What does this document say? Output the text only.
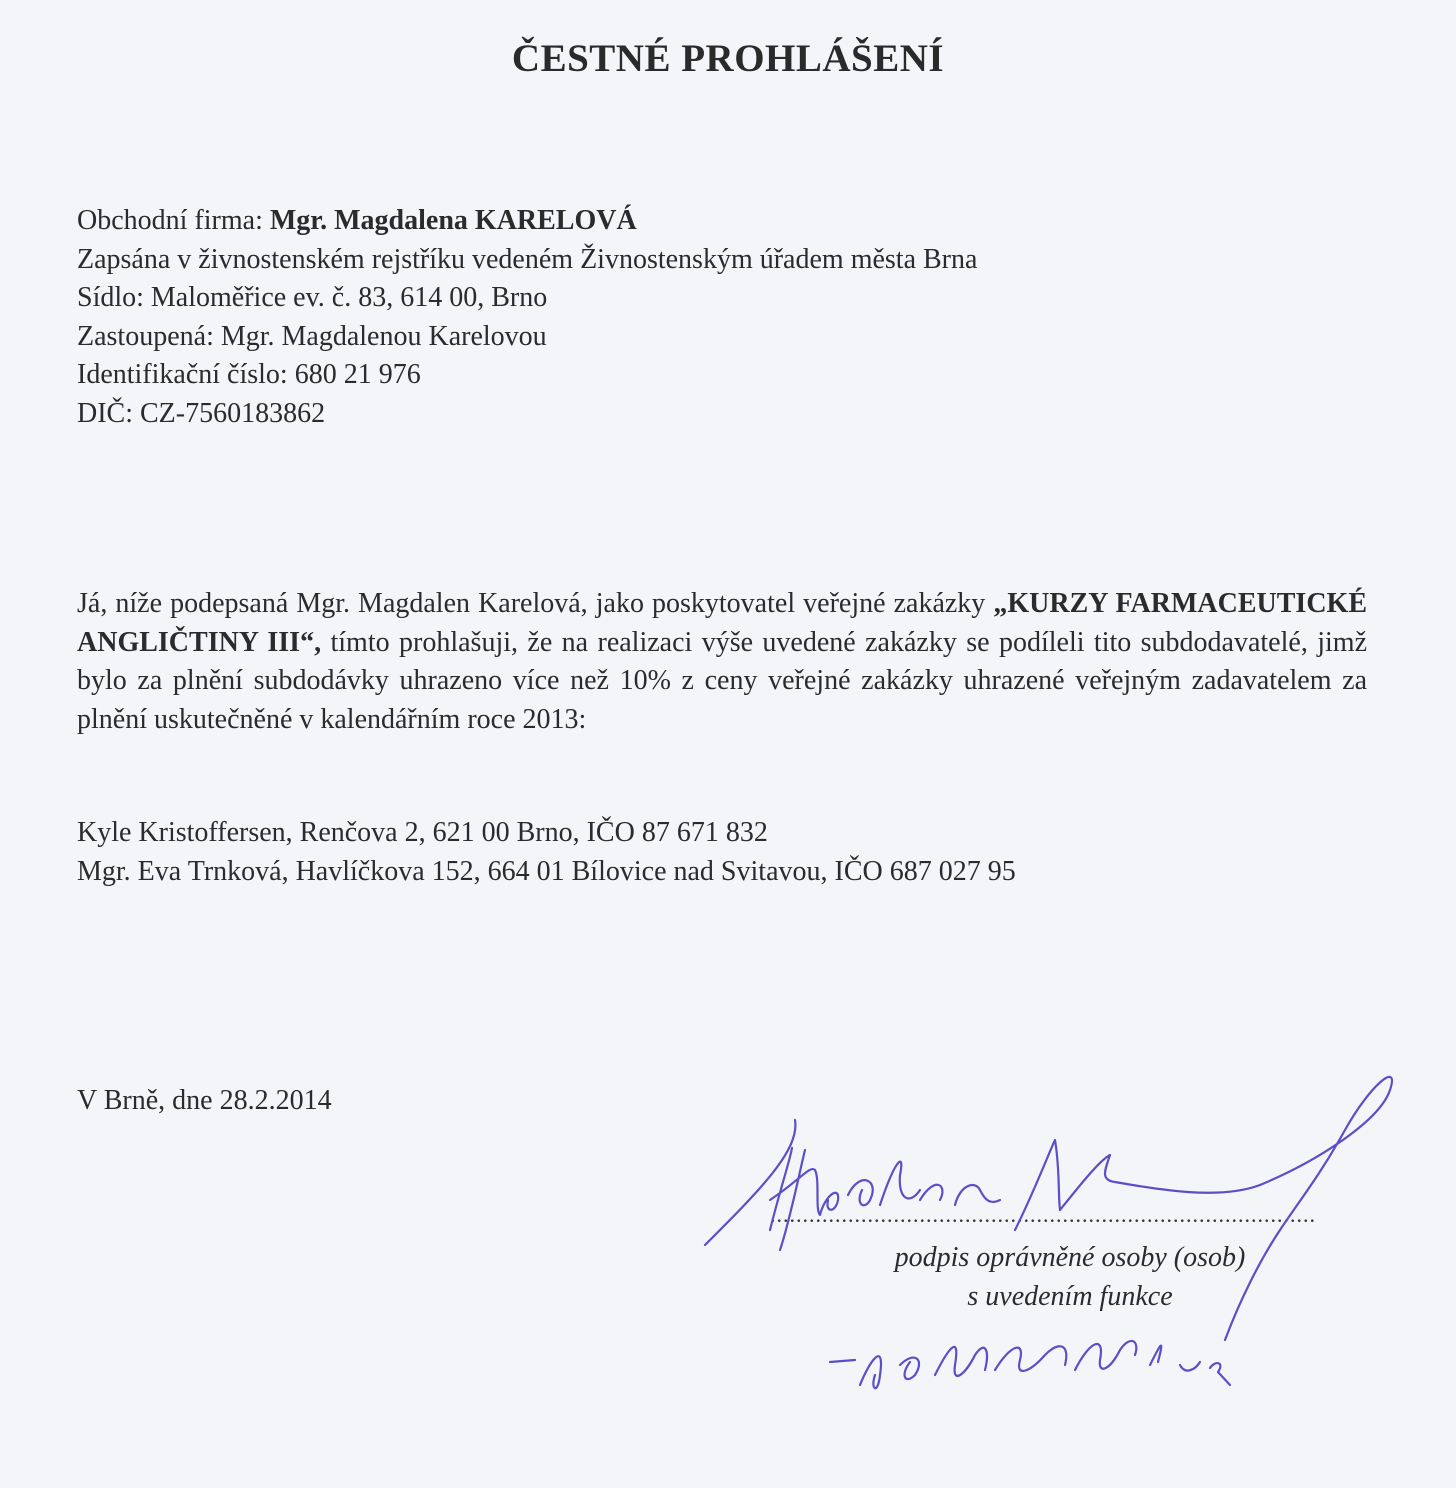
ČESTNÉ PROHLÁŠENÍ
Obchodní firma: Mgr. Magdalena KARELOVÁ
Zapsána v živnostenském rejstříku vedeném Živnostenským úřadem města Brna
Sídlo: Maloměřice ev. č. 83, 614 00, Brno
Zastoupená: Mgr. Magdalenou Karelovou
Identifikační číslo: 680 21 976
DIČ: CZ-7560183862
Já, níže podepsaná Mgr. Magdalen Karelová, jako poskytovatel veřejné zakázky „KURZY FARMACEUTICKÉ ANGLIČTINY III“, tímto prohlašuji, že na realizaci výše uvedené zakázky se podíleli tito subdodavatelé, jimž bylo za plnění subdodávky uhrazeno více než 10% z ceny veřejné zakázky uhrazené veřejným zadavatelem za plnění uskutečněné v kalendářním roce 2013:
Kyle Kristoffersen, Renčova 2, 621 00 Brno, IČO 87 671 832
Mgr. Eva Trnková, Havlíčkova 152, 664 01 Bílovice nad Svitavou, IČO 687 027 95
V Brně, dne 28.2.2014
....................................................................................
podpis oprávněné osoby (osob)
s uvedením funkce
